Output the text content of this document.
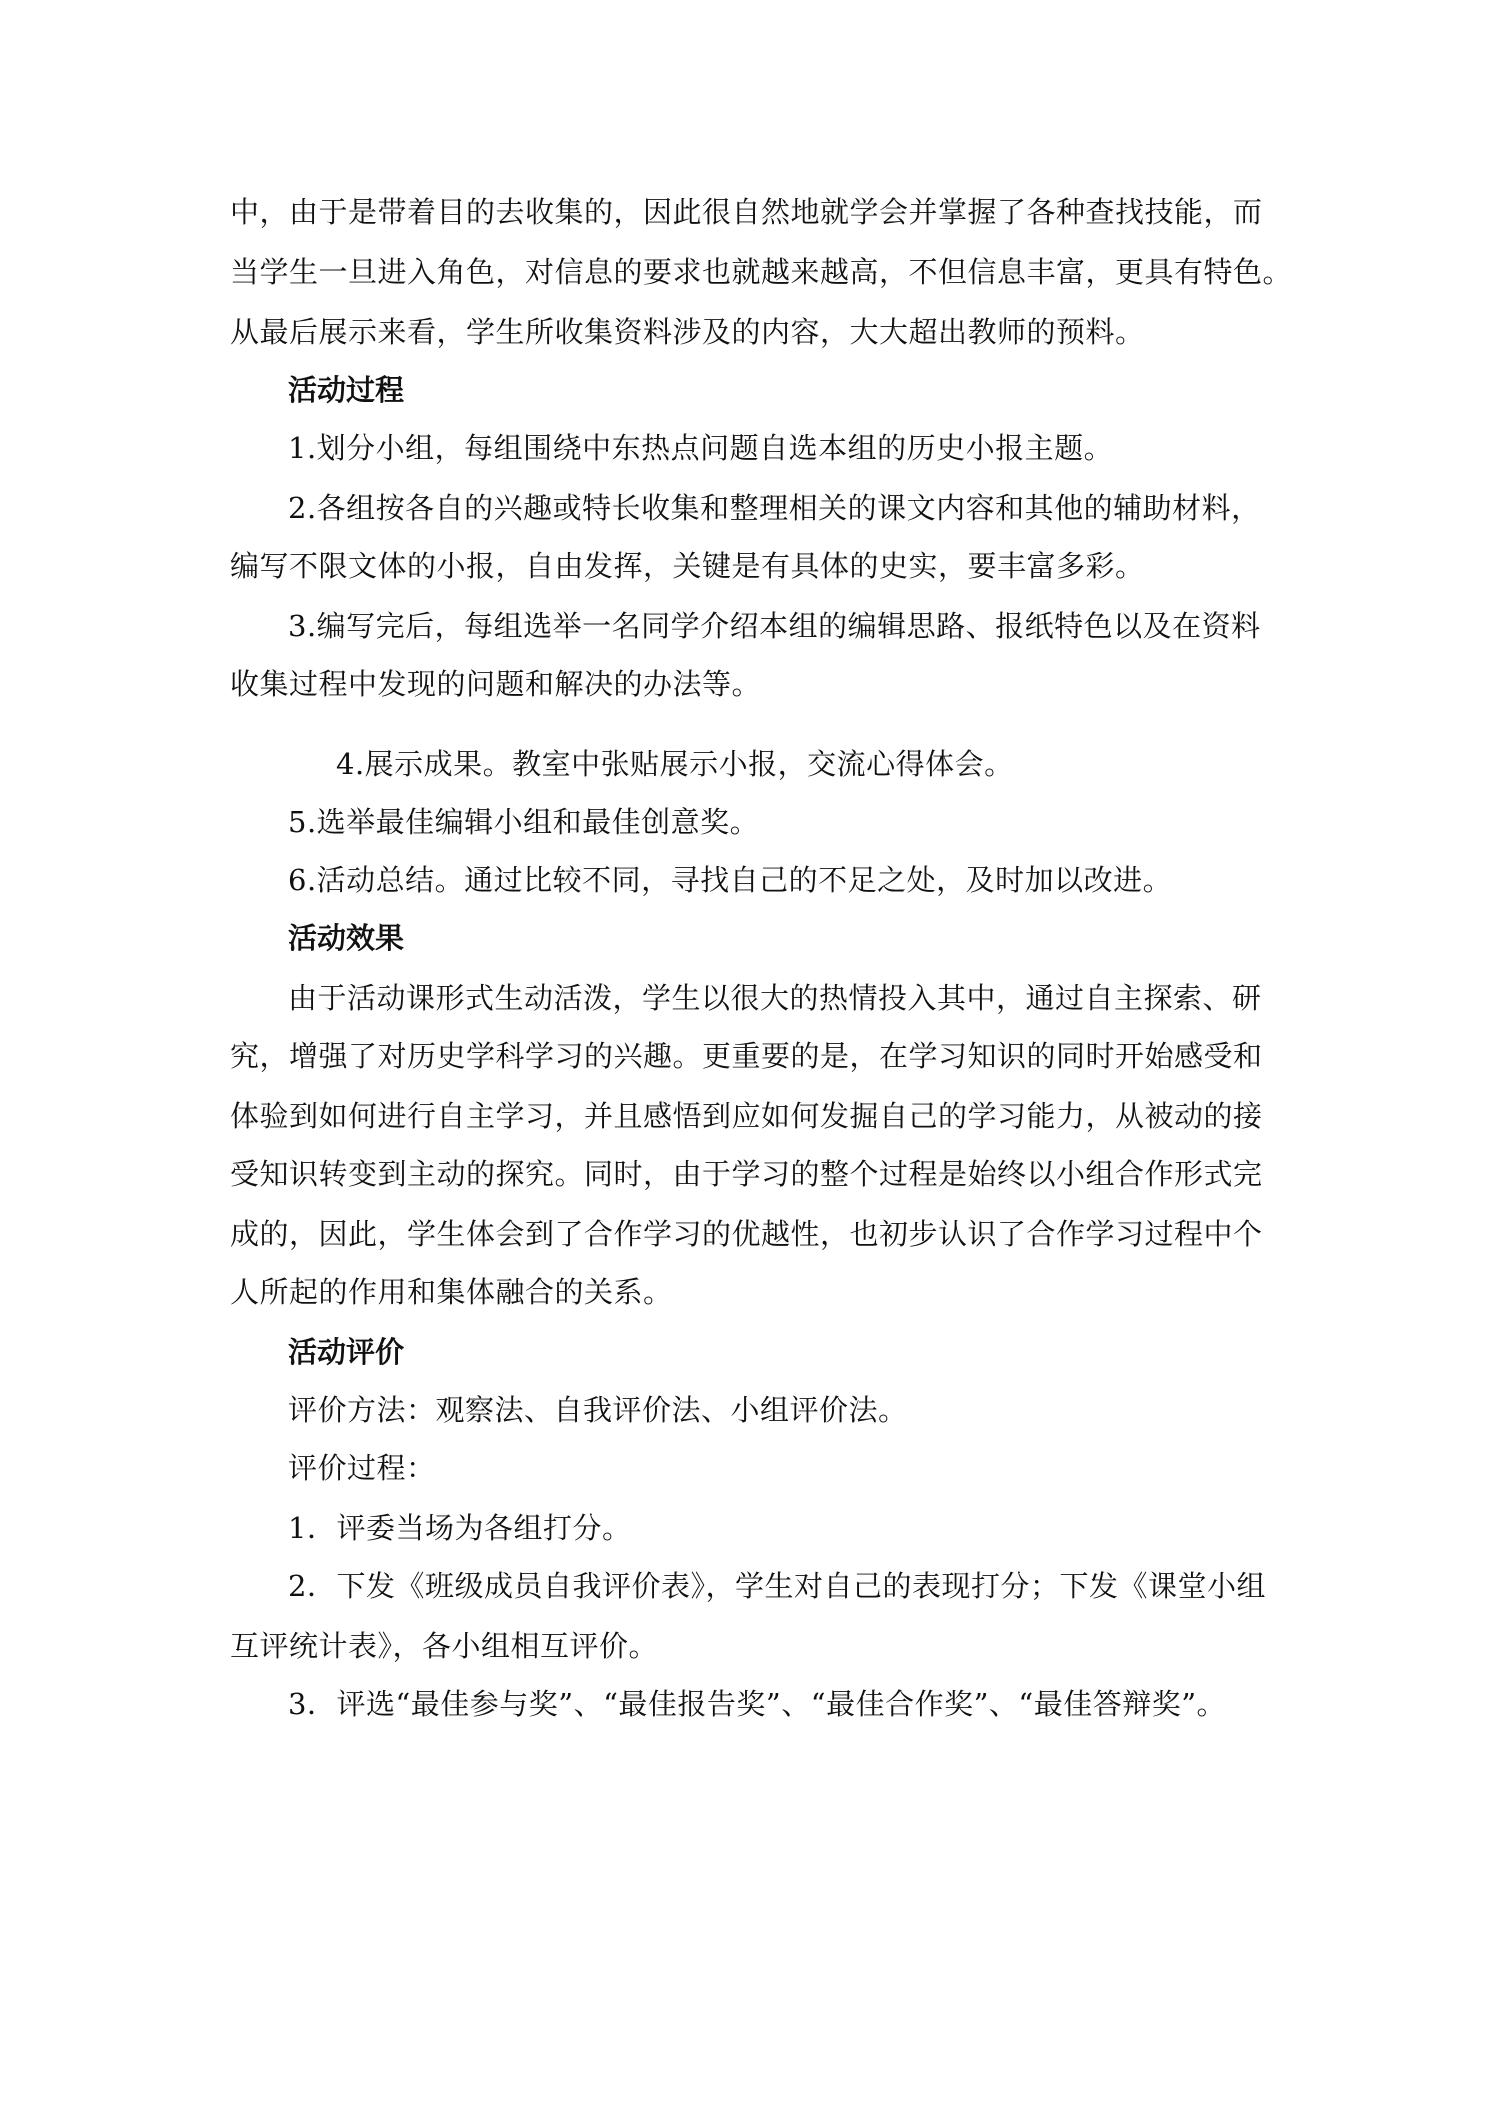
中，由于是带着目的去收集的，因此很自然地就学会并掌握了各种查找技能，而
当学生一旦进入角色，对信息的要求也就越来越高，不但信息丰富，更具有特色。
从最后展示来看，学生所收集资料涉及的内容，大大超出教师的预料。
活动过程
1.划分小组，每组围绕中东热点问题自选本组的历史小报主题。
2.各组按各自的兴趣或特长收集和整理相关的课文内容和其他的辅助材料，
编写不限文体的小报，自由发挥，关键是有具体的史实，要丰富多彩。
3.编写完后，每组选举一名同学介绍本组的编辑思路、报纸特色以及在资料
收集过程中发现的问题和解决的办法等。
4.展示成果。教室中张贴展示小报，交流心得体会。
5.选举最佳编辑小组和最佳创意奖。
6.活动总结。通过比较不同，寻找自己的不足之处，及时加以改进。
活动效果
由于活动课形式生动活泼，学生以很大的热情投入其中，通过自主探索、研
究，增强了对历史学科学习的兴趣。更重要的是，在学习知识的同时开始感受和
体验到如何进行自主学习，并且感悟到应如何发掘自己的学习能力，从被动的接
受知识转变到主动的探究。同时，由于学习的整个过程是始终以小组合作形式完
成的，因此，学生体会到了合作学习的优越性，也初步认识了合作学习过程中个
人所起的作用和集体融合的关系。
活动评价
评价方法：观察法、自我评价法、小组评价法。
评价过程：
1．评委当场为各组打分。
2．下发《班级成员自我评价表》，学生对自己的表现打分；下发《课堂小组
互评统计表》，各小组相互评价。
3．评选“最佳参与奖”、“最佳报告奖”、“最佳合作奖”、“最佳答辩奖”。
